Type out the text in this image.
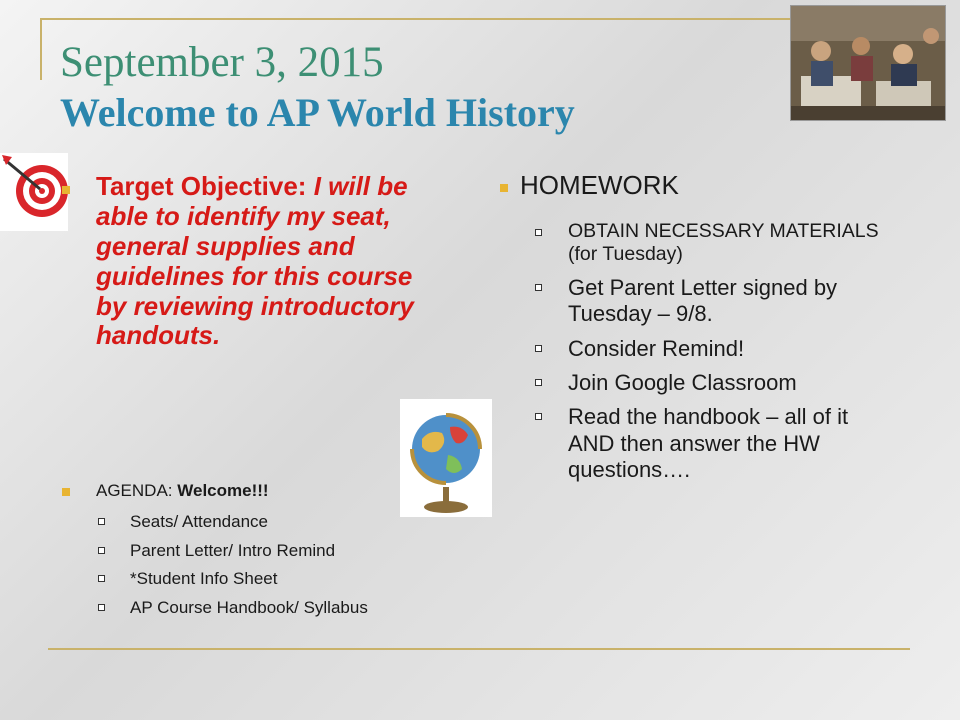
September 3, 2015
Welcome to AP World History

Target Objective: I will be able to identify my seat, general supplies and guidelines for this course by reviewing introductory handouts.

AGENDA: Welcome!!!
Seats/ Attendance
Parent Letter/ Intro Remind
*Student Info Sheet
AP Course Handbook/ Syllabus
HOMEWORK
OBTAIN NECESSARY MATERIALS (for Tuesday)
Get Parent Letter signed by Tuesday – 9/8.
Consider Remind!
Join Google Classroom
Read the handbook – all of it AND then answer the HW questions….
